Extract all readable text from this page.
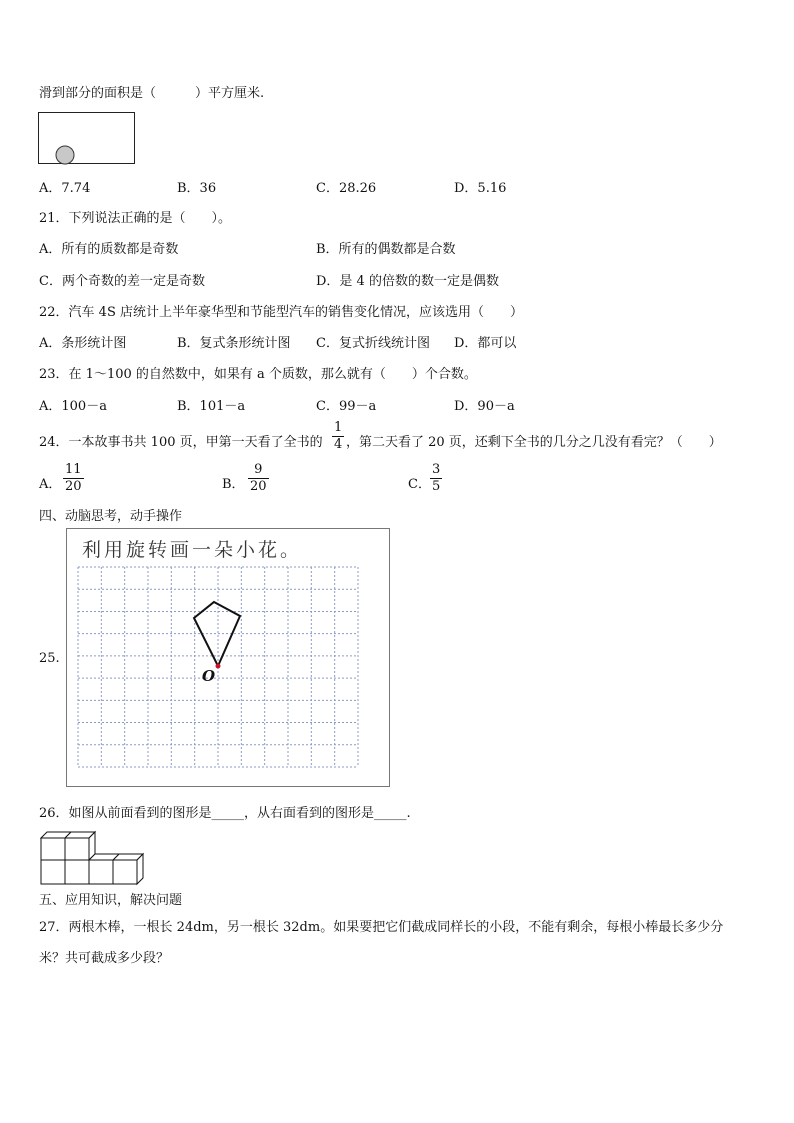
滑到部分的面积是（　　　）平方厘米.
A．7.74	B．36	C．28.26	D．5.16
21．下列说法正确的是（　　）。
A．所有的质数都是奇数	B．所有的偶数都是合数
C．两个奇数的差一定是奇数	D．是 4 的倍数的数一定是偶数
22．汽车 4S 店统计上半年豪华型和节能型汽车的销售变化情况，应该选用（　　）
A．条形统计图	B．复式条形统计图 C．复式折线统计图 D．都可以
23．在 1～100 的自然数中，如果有 a 个质数，那么就有（　　）个合数。
A．100－a	B．101－a	C．99－a	D．90－a
24．一本故事书共 100 页，甲第一天看了全书的
1
4 ，第二天看了 20 页，还剩下全书的几分之几没有看完？（　　）
A．
11
20	B．
9
20	C．
3
5
四、动脑思考，动手操作
25.
利用旋转画一朵小花。
O
26．如图从前面看到的图形是_____，从右面看到的图形是_____.
五、应用知识，解决问题
27．两根木棒，一根长 24dm，另一根长 32dm。如果要把它们截成同样长的小段，不能有剩余，每根小棒最长多少分
米？共可截成多少段？
